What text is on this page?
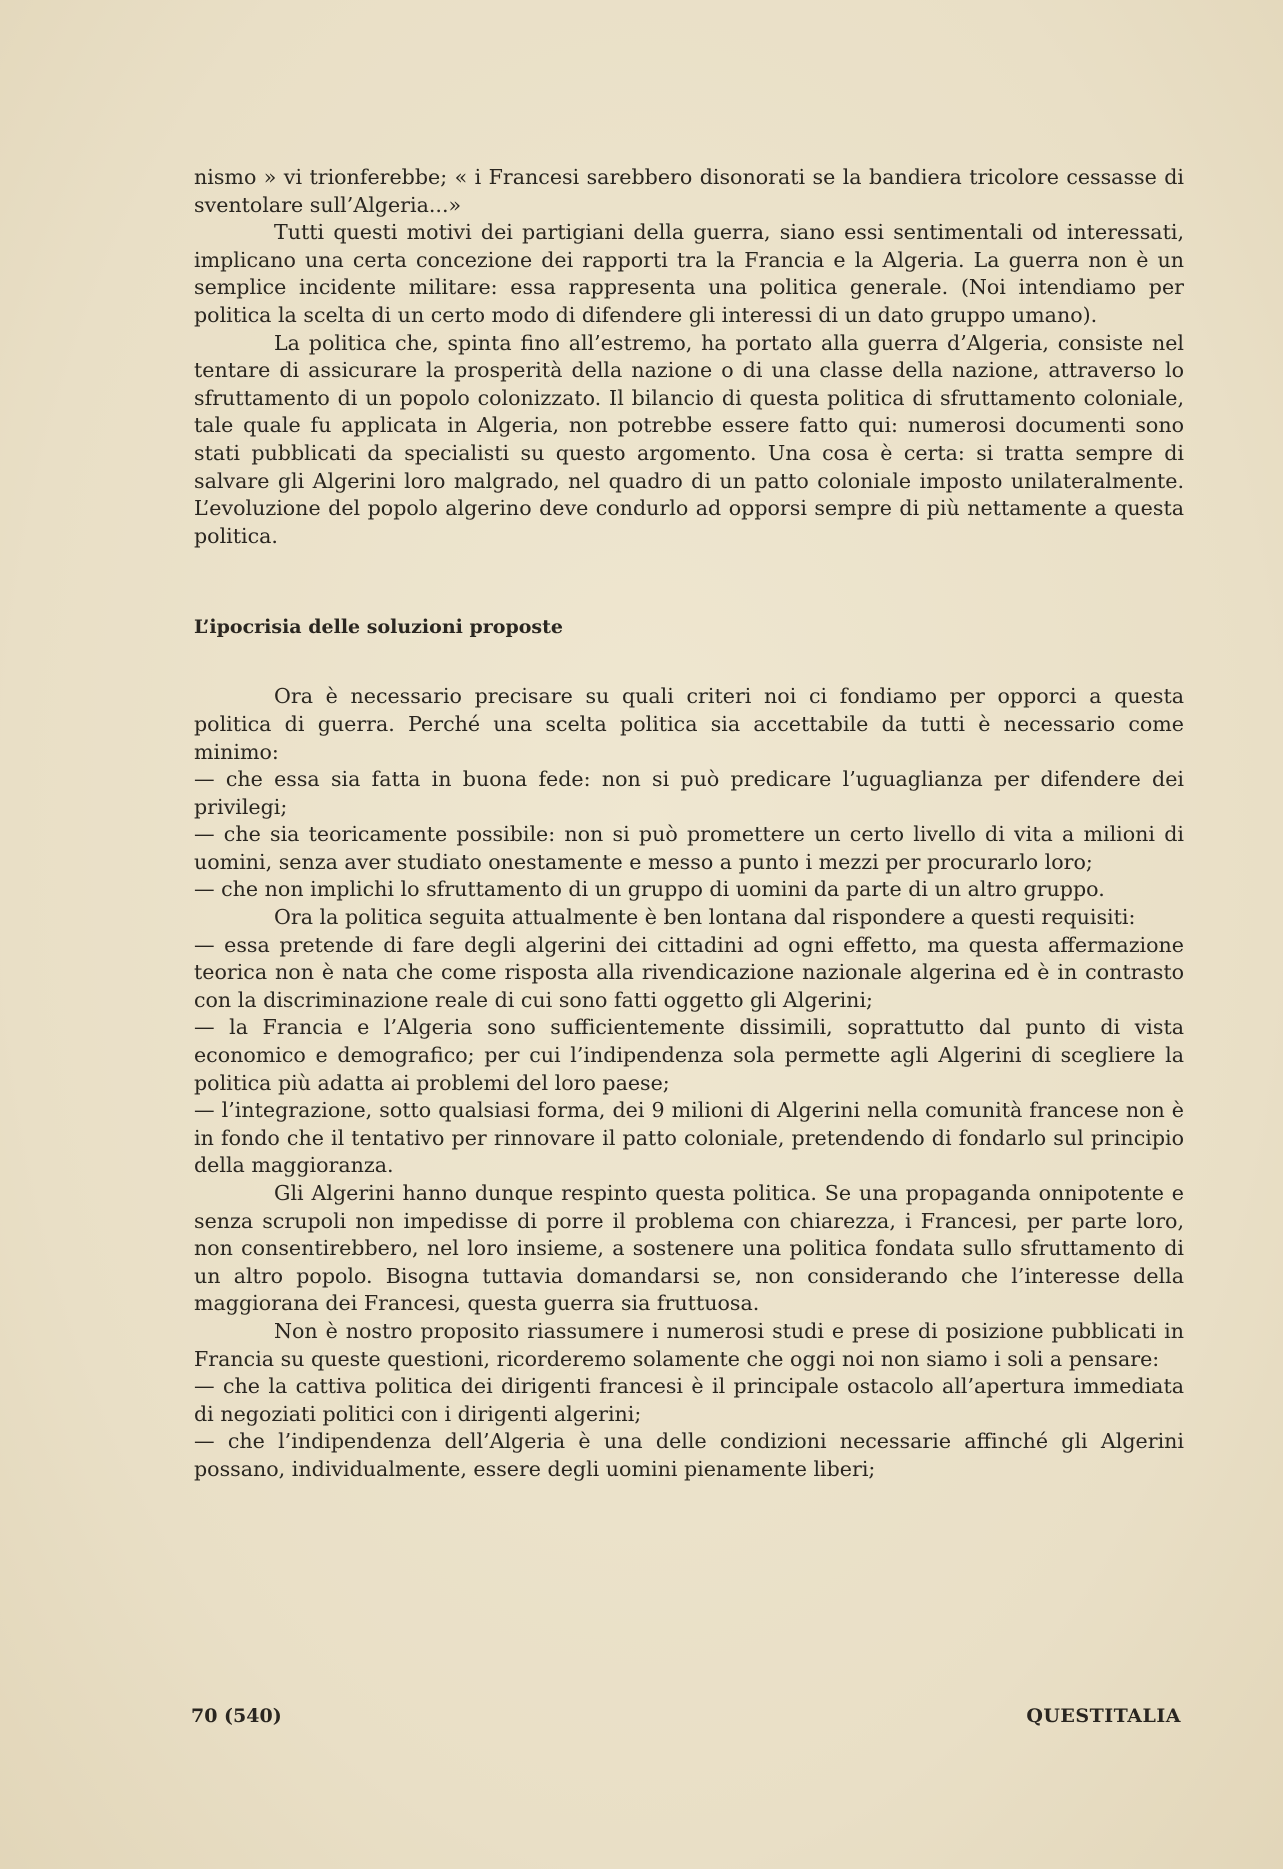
nismo » vi trionferebbe; « i Francesi sarebbero disonorati se la bandiera tricolore cessasse di sventolare sull’Algeria...»

Tutti questi motivi dei partigiani della guerra, siano essi sentimentali od interessati, implicano una certa concezione dei rapporti tra la Francia e la Algeria. La guerra non è un semplice incidente militare: essa rappresenta una politica generale. (Noi intendiamo per politica la scelta di un certo modo di difendere gli interessi di un dato gruppo umano).

La politica che, spinta fino all’estremo, ha portato alla guerra d’Algeria, consiste nel tentare di assicurare la prosperità della nazione o di una classe della nazione, attraverso lo sfruttamento di un popolo colonizzato. Il bilancio di questa politica di sfruttamento coloniale, tale quale fu applicata in Algeria, non potrebbe essere fatto qui: numerosi documenti sono stati pubblicati da specialisti su questo argomento. Una cosa è certa: si tratta sempre di salvare gli Algerini loro malgrado, nel quadro di un patto coloniale imposto unilateralmente. L’evoluzione del popolo algerino deve condurlo ad opporsi sempre di più nettamente a questa politica.

L’ipocrisia delle soluzioni proposte

Ora è necessario precisare su quali criteri noi ci fondiamo per opporci a questa politica di guerra. Perché una scelta politica sia accettabile da tutti è necessario come minimo:

— che essa sia fatta in buona fede: non si può predicare l’uguaglianza per difendere dei privilegi;

— che sia teoricamente possibile: non si può promettere un certo livello di vita a milioni di uomini, senza aver studiato onestamente e messo a punto i mezzi per procurarlo loro;

— che non implichi lo sfruttamento di un gruppo di uomini da parte di un altro gruppo.

Ora la politica seguita attualmente è ben lontana dal rispondere a questi requisiti:

— essa pretende di fare degli algerini dei cittadini ad ogni effetto, ma questa affermazione teorica non è nata che come risposta alla rivendicazione nazionale algerina ed è in contrasto con la discriminazione reale di cui sono fatti oggetto gli Algerini;

— la Francia e l’Algeria sono sufficientemente dissimili, soprattutto dal punto di vista economico e demografico; per cui l’indipendenza sola permette agli Algerini di scegliere la politica più adatta ai problemi del loro paese;

— l’integrazione, sotto qualsiasi forma, dei 9 milioni di Algerini nella comunità francese non è in fondo che il tentativo per rinnovare il patto coloniale, pretendendo di fondarlo sul principio della maggioranza.

Gli Algerini hanno dunque respinto questa politica. Se una propaganda onnipotente e senza scrupoli non impedisse di porre il problema con chiarezza, i Francesi, per parte loro, non consentirebbero, nel loro insieme, a sostenere una politica fondata sullo sfruttamento di un altro popolo. Bisogna tuttavia domandarsi se, non considerando che l’interesse della maggiorana dei Francesi, questa guerra sia fruttuosa.

Non è nostro proposito riassumere i numerosi studi e prese di posizione pubblicati in Francia su queste questioni, ricorderemo solamente che oggi noi non siamo i soli a pensare:

— che la cattiva politica dei dirigenti francesi è il principale ostacolo all’apertura immediata di negoziati politici con i dirigenti algerini;

— che l’indipendenza dell’Algeria è una delle condizioni necessarie affinché gli Algerini possano, individualmente, essere degli uomini pienamente liberi;

70 (540)	QUESTITALIA
